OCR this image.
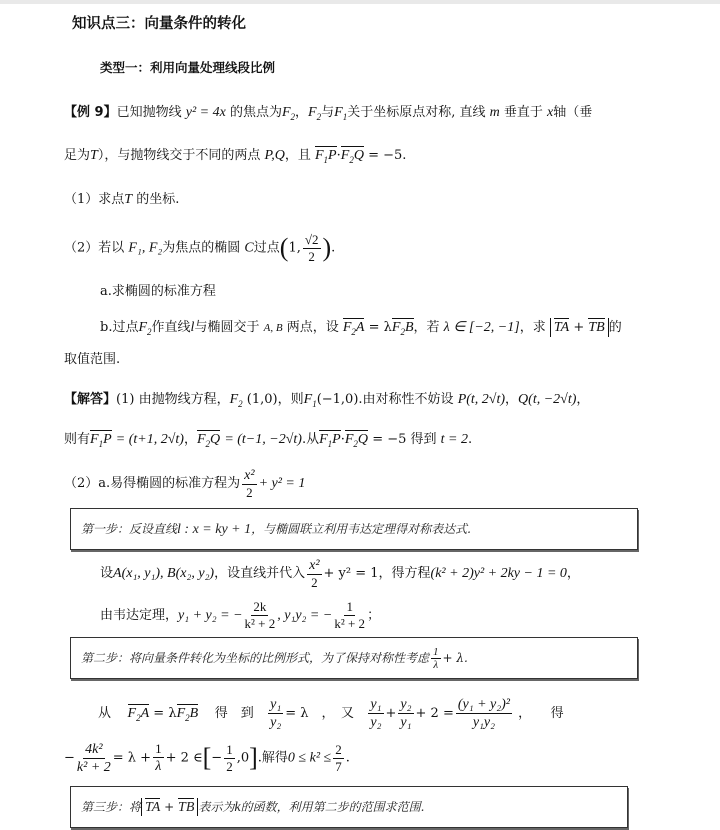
知识点三：向量条件的转化
类型一：利用向量处理线段比例
【例 9】已知抛物线 y² = 4x 的焦点为$F_2$，$F_2$与$F_1$关于坐标原点对称, 直线 m 垂直于 x轴（垂
足为T），与抛物线交于不同的两点 P,Q，且 $F_1P\cdot F_2Q = -5$.
（1）求点T 的坐标.
（2）若以 F₁, F₂为焦点的椭圆 C过点(1, $\frac{√2}{2}$ ).
a.求椭圆的标准方程
b.过点$F_2$作直线l与椭圆交于 A, B 两点，设 $F_2A = \lambda F_2B$，若 λ ∈ [−2, −1]，求 TA + TB 的
取值范围.
【解答】(1) 由抛物线方程，$F_2$ (1,0)，则$F_1(-1,0)$.由对称性不妨设 P(t, 2√t)，Q(t, −2√t)，
则有$F_1P = (t+1$, 2√t)，$F_2Q = (t-1$, −2√t).从$F_1P\cdot F_2Q = -5$ 得到 t = 2.
（2）a.易得椭圆的标准方程为 $\frac{\text{x²}}{2} + y^2 = 1$
第一步：反设直线l : x = ky + 1，与椭圆联立利用韦达定理得对称表达式.
设A(x₁, y₁), B(x₂, y₂)，设直线并代入 $\frac{\text{x²}}{2} + y^2 = 1$，得方程(k² + 2)y² + 2ky − 1 = 0，
由韦达定理，y₁ + y₂ = − $\frac{2k}{\text{k² + 2}}$ , y₁y₂ = − $\frac{1}{\text{k² + 2}}$ ；
第二步：将向量条件转化为坐标的比例形式，为了保持对称性考虑 $\frac{1}{\lambda} + \lambda$.
从 $F_2A = \lambda F_2B$ 得　到 $\frac{\text{y₁}}{\text{y₂}} = \lambda$　，　又 $\frac{\text{y₁}}{\text{y₂}} + \frac{\text{y₂}}{\text{y₁}} + 2 = \frac{\text{(y₁ + y₂)²}}{\text{y₁y₂}}$ ，　　得
− $\frac{\text{4k²}}{\text{k² + 2}} = \lambda + \frac{1}{\lambda} + 2$ ∈[− $\frac{1}{2} ,0$].解得$0 \le k^2 \le \frac{2}{7}$ .
第三步：将 TA + TB 表示为k的函数，利用第二步的范围求范围.
